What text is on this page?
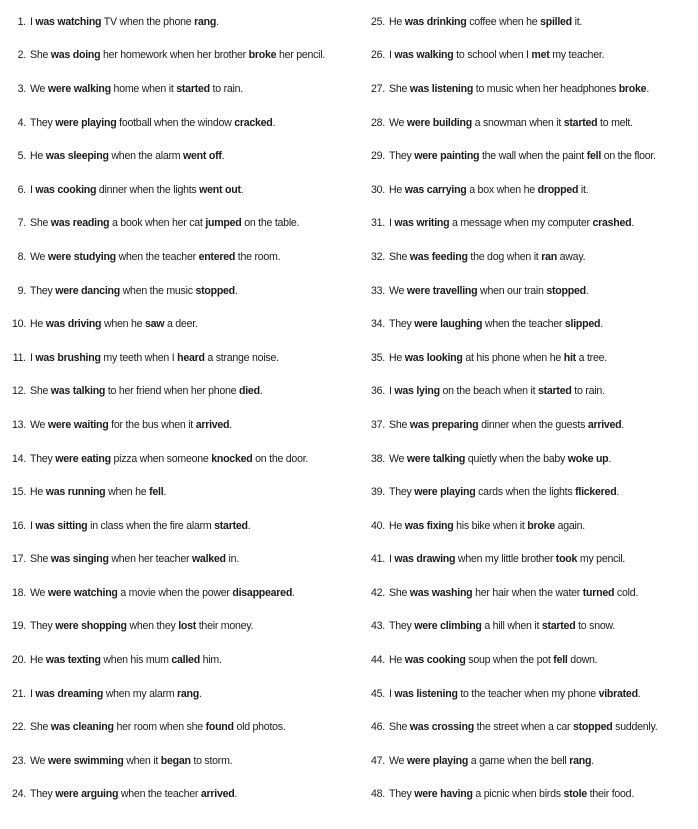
1. I was watching TV when the phone rang.
2. She was doing her homework when her brother broke her pencil.
3. We were walking home when it started to rain.
4. They were playing football when the window cracked.
5. He was sleeping when the alarm went off.
6. I was cooking dinner when the lights went out.
7. She was reading a book when her cat jumped on the table.
8. We were studying when the teacher entered the room.
9. They were dancing when the music stopped.
10. He was driving when he saw a deer.
11. I was brushing my teeth when I heard a strange noise.
12. She was talking to her friend when her phone died.
13. We were waiting for the bus when it arrived.
14. They were eating pizza when someone knocked on the door.
15. He was running when he fell.
16. I was sitting in class when the fire alarm started.
17. She was singing when her teacher walked in.
18. We were watching a movie when the power disappeared.
19. They were shopping when they lost their money.
20. He was texting when his mum called him.
21. I was dreaming when my alarm rang.
22. She was cleaning her room when she found old photos.
23. We were swimming when it began to storm.
24. They were arguing when the teacher arrived.
25. He was drinking coffee when he spilled it.
26. I was walking to school when I met my teacher.
27. She was listening to music when her headphones broke.
28. We were building a snowman when it started to melt.
29. They were painting the wall when the paint fell on the floor.
30. He was carrying a box when he dropped it.
31. I was writing a message when my computer crashed.
32. She was feeding the dog when it ran away.
33. We were travelling when our train stopped.
34. They were laughing when the teacher slipped.
35. He was looking at his phone when he hit a tree.
36. I was lying on the beach when it started to rain.
37. She was preparing dinner when the guests arrived.
38. We were talking quietly when the baby woke up.
39. They were playing cards when the lights flickered.
40. He was fixing his bike when it broke again.
41. I was drawing when my little brother took my pencil.
42. She was washing her hair when the water turned cold.
43. They were climbing a hill when it started to snow.
44. He was cooking soup when the pot fell down.
45. I was listening to the teacher when my phone vibrated.
46. She was crossing the street when a car stopped suddenly.
47. We were playing a game when the bell rang.
48. They were having a picnic when birds stole their food.
